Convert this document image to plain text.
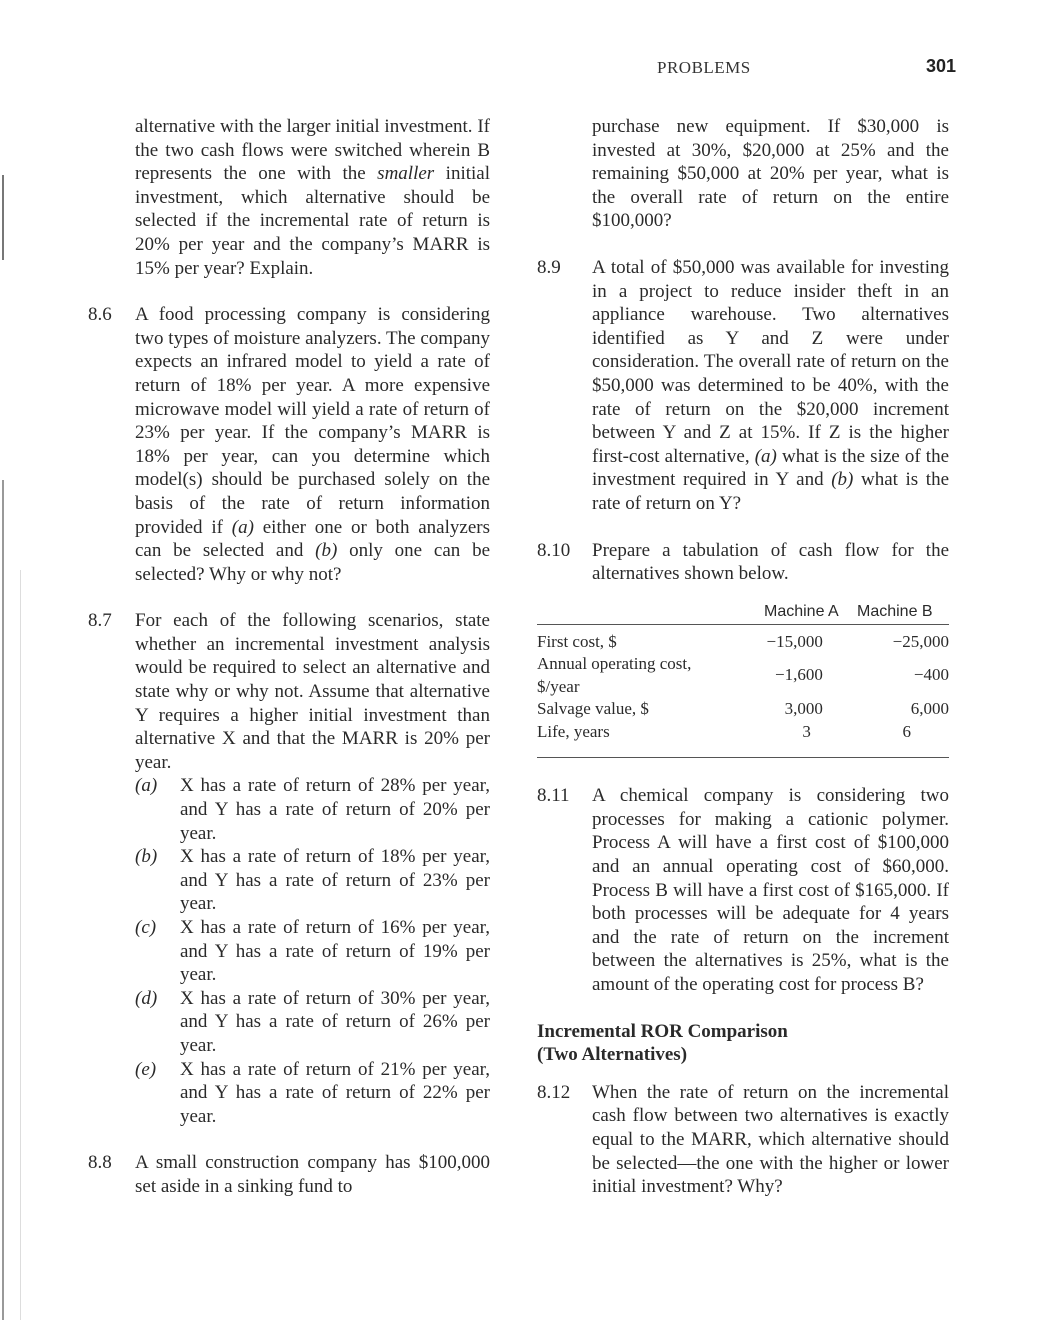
PROBLEMS	301
alternative with the larger initial investment. If the two cash flows were switched wherein B represents the one with the smaller initial investment, which alternative should be selected if the incremental rate of return is 20% per year and the company’s MARR is 15% per year? Explain.
8.6 A food processing company is considering two types of moisture analyzers. The company expects an infrared model to yield a rate of return of 18% per year. A more expensive microwave model will yield a rate of return of 23% per year. If the company’s MARR is 18% per year, can you determine which model(s) should be purchased solely on the basis of the rate of return information provided if (a) either one or both analyzers can be selected and (b) only one can be selected? Why or why not?
8.7 For each of the following scenarios, state whether an incremental investment analysis would be required to select an alternative and state why or why not. Assume that alternative Y requires a higher initial investment than alternative X and that the MARR is 20% per year.
(a) X has a rate of return of 28% per year, and Y has a rate of return of 20% per year.
(b) X has a rate of return of 18% per year, and Y has a rate of return of 23% per year.
(c) X has a rate of return of 16% per year, and Y has a rate of return of 19% per year.
(d) X has a rate of return of 30% per year, and Y has a rate of return of 26% per year.
(e) X has a rate of return of 21% per year, and Y has a rate of return of 22% per year.
8.8 A small construction company has $100,000 set aside in a sinking fund to
purchase new equipment. If $30,000 is invested at 30%, $20,000 at 25% and the remaining $50,000 at 20% per year, what is the overall rate of return on the entire $100,000?
8.9 A total of $50,000 was available for investing in a project to reduce insider theft in an appliance warehouse. Two alternatives identified as Y and Z were under consideration. The overall rate of return on the $50,000 was determined to be 40%, with the rate of return on the $20,000 increment between Y and Z at 15%. If Z is the higher first-cost alternative, (a) what is the size of the investment required in Y and (b) what is the rate of return on Y?
8.10 Prepare a tabulation of cash flow for the alternatives shown below.
Machine A Machine B
First cost, $	−15,000	−25,000
Annual operating cost, $/year	−1,600	−400
Salvage value, $	3,000	6,000
Life, years	3	6
8.11 A chemical company is considering two processes for making a cationic polymer. Process A will have a first cost of $100,000 and an annual operating cost of $60,000. Process B will have a first cost of $165,000. If both processes will be adequate for 4 years and the rate of return on the increment between the alternatives is 25%, what is the amount of the operating cost for process B?
Incremental ROR Comparison
(Two Alternatives)
8.12 When the rate of return on the incremental cash flow between two alternatives is exactly equal to the MARR, which alternative should be selected—the one with the higher or lower initial investment? Why?
